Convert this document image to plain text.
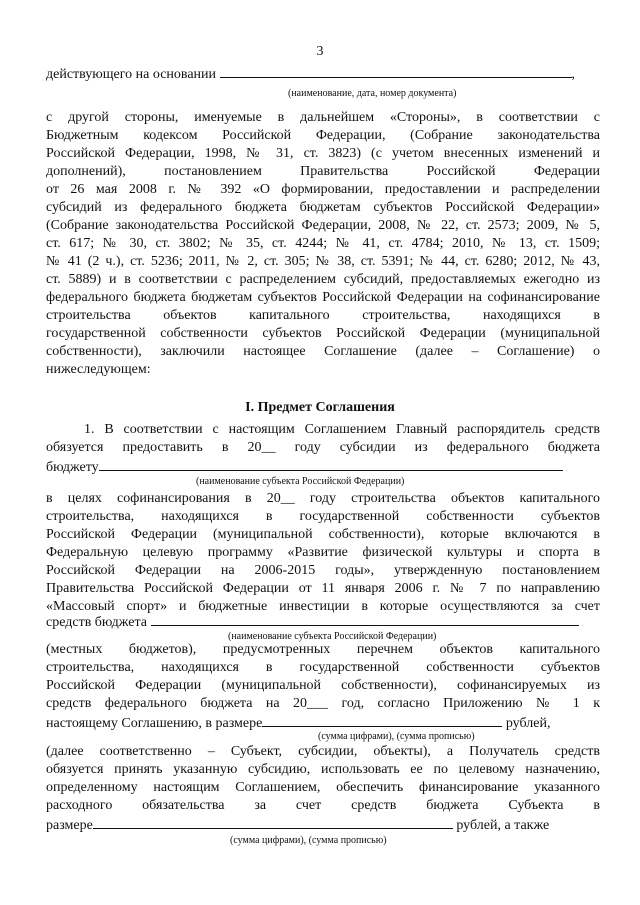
3
действующего на основании	,
(наименование, дата, номер документа)
с другой стороны, именуемые в дальнейшем «Стороны», в соответствии с
Бюджетным кодексом Российской Федерации, (Собрание законодательства
Российской Федерации, 1998, № 31, ст. 3823) (с учетом внесенных изменений и
дополнений), постановлением Правительства Российской Федерации
от 26 мая 2008 г. № 392 «О формировании, предоставлении и распределении
субсидий из федерального бюджета бюджетам субъектов Российской Федерации»
(Собрание законодательства Российской Федерации, 2008, № 22, ст. 2573; 2009, № 5,
ст. 617; № 30, ст. 3802; № 35, ст. 4244; № 41, ст. 4784; 2010, № 13, ст. 1509;
№ 41 (2 ч.), ст. 5236; 2011, № 2, ст. 305; № 38, ст. 5391; № 44, ст. 6280; 2012, № 43,
ст. 5889) и в соответствии с распределением субсидий, предоставляемых ежегодно из
федерального бюджета бюджетам субъектов Российской Федерации на софинансирование
строительства объектов капитального строительства, находящихся в
государственной собственности субъектов Российской Федерации (муниципальной
собственности), заключили настоящее Соглашение (далее – Соглашение) о
нижеследующем:
I. Предмет Соглашения
1. В соответствии с настоящим Соглашением Главный распорядитель средств
обязуется предоставить в 20__ году субсидии из федерального бюджета
бюджету
(наименование субъекта Российской Федерации)
в целях софинансирования в 20__ году строительства объектов капитального
строительства, находящихся в государственной собственности субъектов
Российской Федерации (муниципальной собственности), которые включаются в
Федеральную целевую программу «Развитие физической культуры и спорта в
Российской Федерации на 2006-2015 годы», утвержденную постановлением
Правительства Российской Федерации от 11 января 2006 г. № 7 по направлению
«Массовый спорт» и бюджетные инвестиции в которые осуществляются за счет
средств бюджета
(наименование субъекта Российской Федерации)
(местных бюджетов), предусмотренных перечнем объектов капитального
строительства, находящихся в государственной собственности субъектов
Российской Федерации (муниципальной собственности), софинансируемых из
средств федерального бюджета на 20___ год, согласно Приложению № 1 к
настоящему Соглашению, в размере	рублей,
(сумма цифрами), (сумма прописью)
(далее соответственно – Субъект, субсидии, объекты), а Получатель средств
обязуется принять указанную субсидию, использовать ее по целевому назначению,
определенному настоящим Соглашением, обеспечить финансирование указанного
расходного обязательства за счет средств бюджета Субъекта в
размере	рублей, а также
(сумма цифрами), (сумма прописью)
